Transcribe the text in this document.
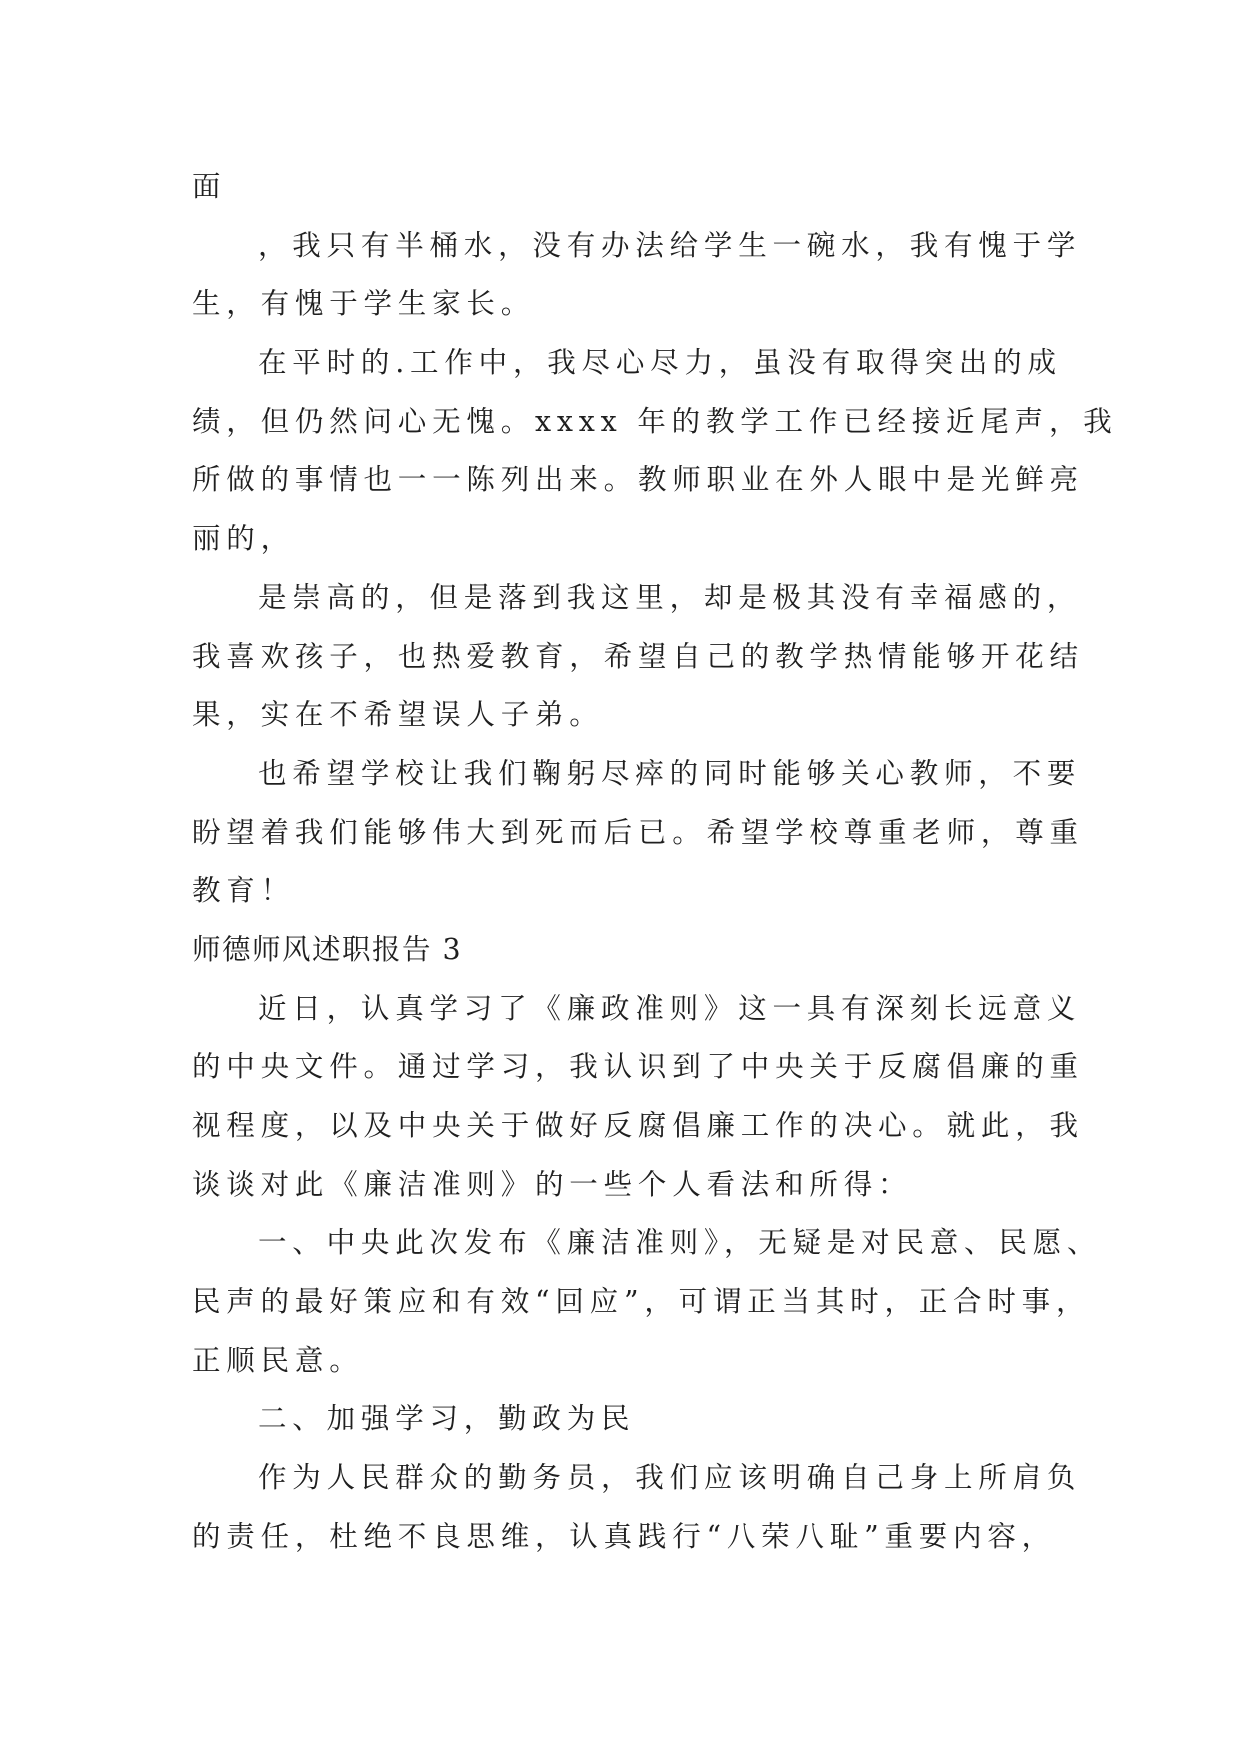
面
，我只有半桶水，没有办法给学生一碗水，我有愧于学
生，有愧于学生家长。
在平时的.工作中，我尽心尽力，虽没有取得突出的成
绩，但仍然问心无愧。xxxx 年的教学工作已经接近尾声，我
所做的事情也一一陈列出来。教师职业在外人眼中是光鲜亮
丽的，
是崇高的，但是落到我这里，却是极其没有幸福感的，
我喜欢孩子，也热爱教育，希望自己的教学热情能够开花结
果，实在不希望误人子弟。
也希望学校让我们鞠躬尽瘁的同时能够关心教师，不要
盼望着我们能够伟大到死而后已。希望学校尊重老师，尊重
教育！
师德师风述职报告 3
近日，认真学习了《廉政准则》这一具有深刻长远意义
的中央文件。通过学习，我认识到了中央关于反腐倡廉的重
视程度，以及中央关于做好反腐倡廉工作的决心。就此，我
谈谈对此《廉洁准则》的一些个人看法和所得：
一、中央此次发布《廉洁准则》，无疑是对民意、民愿、
民声的最好策应和有效“回应”，可谓正当其时，正合时事，
正顺民意。
二、加强学习，勤政为民
作为人民群众的勤务员，我们应该明确自己身上所肩负
的责任，杜绝不良思维，认真践行“八荣八耻”重要内容，
